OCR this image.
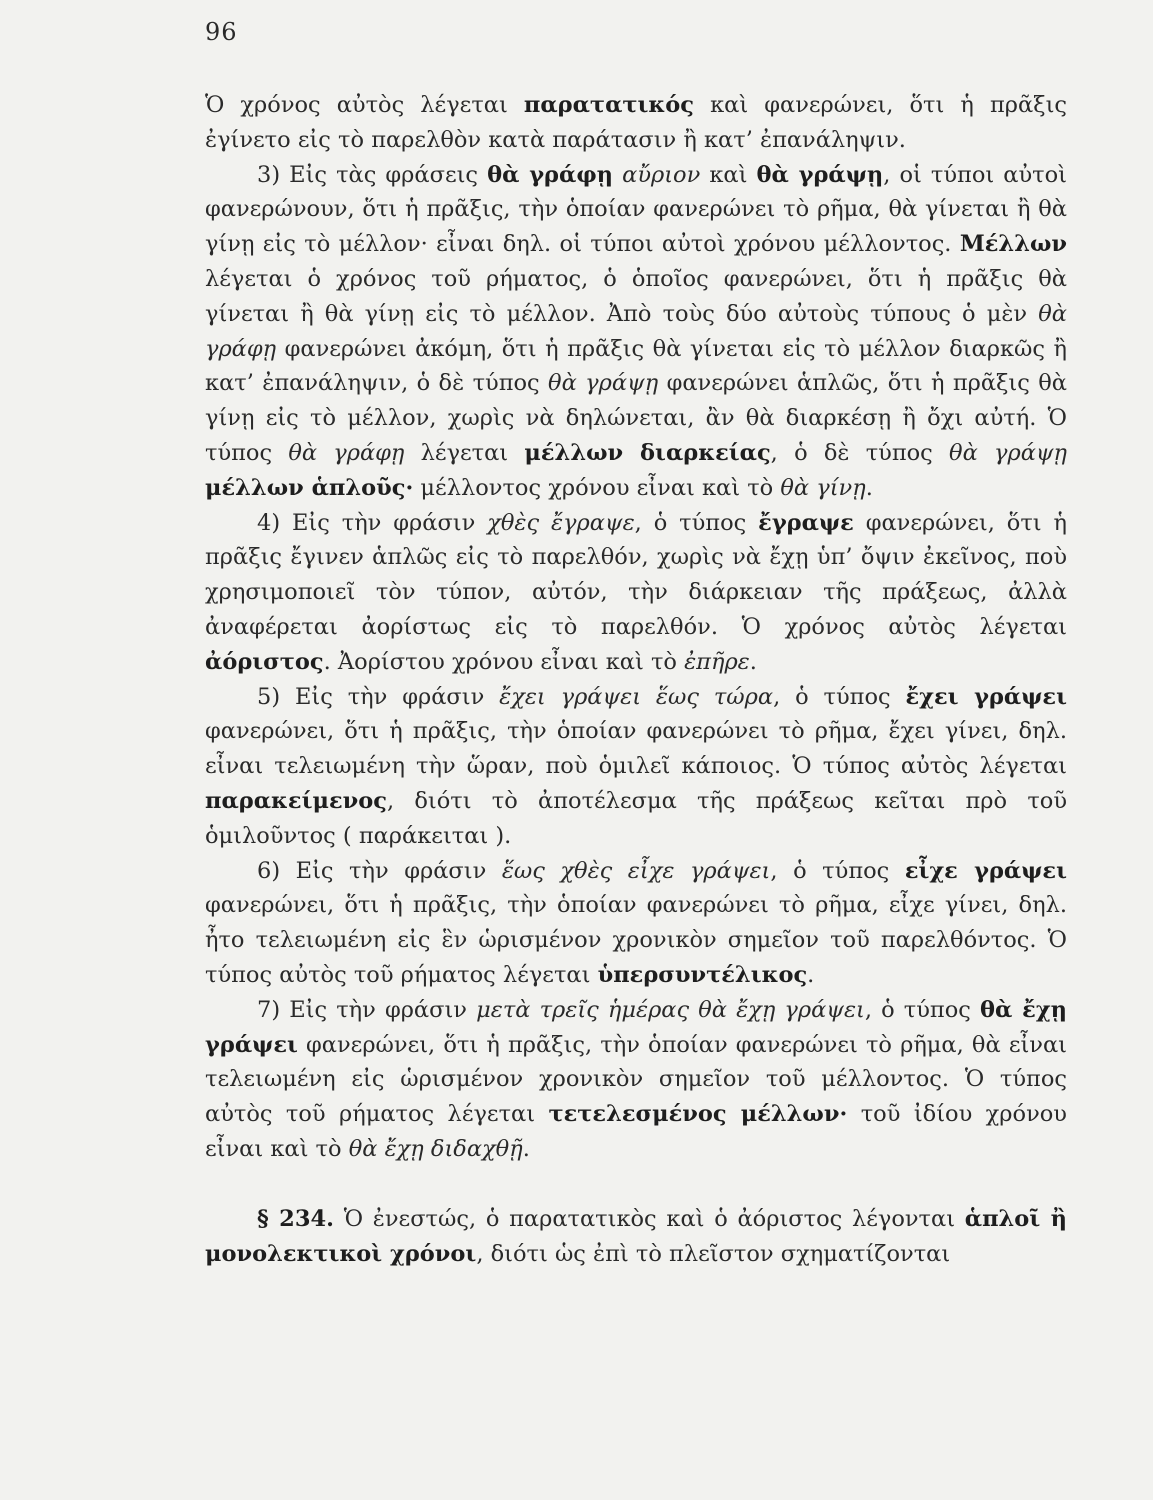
96

Ὁ χρόνος αὐτὸς λέγεται παρατατικός καὶ φανερώνει, ὅτι ἡ πρᾶξις ἐγίνετο εἰς τὸ παρελθὸν κατὰ παράτασιν ἢ κατ’ ἐπανάληψιν.

3) Εἰς τὰς φράσεις θὰ γράφῃ αὔριον καὶ θὰ γράψῃ, οἱ τύποι αὐτοὶ φανερώνουν, ὅτι ἡ πρᾶξις, τὴν ὁποίαν φανερώνει τὸ ρῆμα, θὰ γίνεται ἢ θὰ γίνῃ εἰς τὸ μέλλον· εἶναι δηλ. οἱ τύποι αὐτοὶ χρόνου μέλλοντος. Μέλλων λέγεται ὁ χρόνος τοῦ ρήματος, ὁ ὁποῖος φανερώνει, ὅτι ἡ πρᾶξις θὰ γίνεται ἢ θὰ γίνῃ εἰς τὸ μέλλον. Ἀπὸ τοὺς δύο αὐτοὺς τύπους ὁ μὲν θὰ γράφῃ φανερώνει ἀκόμη, ὅτι ἡ πρᾶξις θὰ γίνεται εἰς τὸ μέλλον διαρκῶς ἢ κατ’ ἐπανάληψιν, ὁ δὲ τύπος θὰ γράψῃ φανερώνει ἁπλῶς, ὅτι ἡ πρᾶξις θὰ γίνῃ εἰς τὸ μέλλον, χωρὶς νὰ δηλώνεται, ἂν θὰ διαρκέσῃ ἢ ὄχι αὐτή. Ὁ τύπος θὰ γράφῃ λέγεται μέλλων διαρκείας, ὁ δὲ τύπος θὰ γράψῃ μέλλων ἁπλοῦς· μέλλοντος χρόνου εἶναι καὶ τὸ θὰ γίνῃ.

4) Εἰς τὴν φράσιν χθὲς ἔγραψε, ὁ τύπος ἔγραψε φανερώνει, ὅτι ἡ πρᾶξις ἔγινεν ἁπλῶς εἰς τὸ παρελθόν, χωρὶς νὰ ἔχῃ ὑπ’ ὄψιν ἐκεῖνος, ποὺ χρησιμοποιεῖ τὸν τύπον, αὐτόν, τὴν διάρκειαν τῆς πράξεως, ἀλλὰ ἀναφέρεται ἀορίστως εἰς τὸ παρελθόν. Ὁ χρόνος αὐτὸς λέγεται ἀόριστος. Ἀορίστου χρόνου εἶναι καὶ τὸ ἐπῆρε.

5) Εἰς τὴν φράσιν ἔχει γράψει ἕως τώρα, ὁ τύπος ἔχει γράψει φανερώνει, ὅτι ἡ πρᾶξις, τὴν ὁποίαν φανερώνει τὸ ρῆμα, ἔχει γίνει, δηλ. εἶναι τελειωμένη τὴν ὥραν, ποὺ ὁμιλεῖ κάποιος. Ὁ τύπος αὐτὸς λέγεται παρακείμενος, διότι τὸ ἀποτέλεσμα τῆς πράξεως κεῖται πρὸ τοῦ ὁμιλοῦντος ( παράκειται ).

6) Εἰς τὴν φράσιν ἕως χθὲς εἶχε γράψει, ὁ τύπος εἶχε γράψει φανερώνει, ὅτι ἡ πρᾶξις, τὴν ὁποίαν φανερώνει τὸ ρῆμα, εἶχε γίνει, δηλ. ἦτο τελειωμένη εἰς ἓν ὡρισμένον χρονικὸν σημεῖον τοῦ παρελθόντος. Ὁ τύπος αὐτὸς τοῦ ρήματος λέγεται ὑπερσυντέλικος.

7) Εἰς τὴν φράσιν μετὰ τρεῖς ἡμέρας θὰ ἔχῃ γράψει, ὁ τύπος θὰ ἔχῃ γράψει φανερώνει, ὅτι ἡ πρᾶξις, τὴν ὁποίαν φανερώνει τὸ ρῆμα, θὰ εἶναι τελειωμένη εἰς ὡρισμένον χρονικὸν σημεῖον τοῦ μέλλοντος. Ὁ τύπος αὐτὸς τοῦ ρήματος λέγεται τετελεσμένος μέλλων· τοῦ ἰδίου χρόνου εἶναι καὶ τὸ θὰ ἔχῃ διδαχθῇ.

§ 234. Ὁ ἐνεστώς, ὁ παρατατικὸς καὶ ὁ ἀόριστος λέγονται ἁπλοῖ ἢ μονολεκτικοὶ χρόνοι, διότι ὡς ἐπὶ τὸ πλεῖστον σχηματίζονται
